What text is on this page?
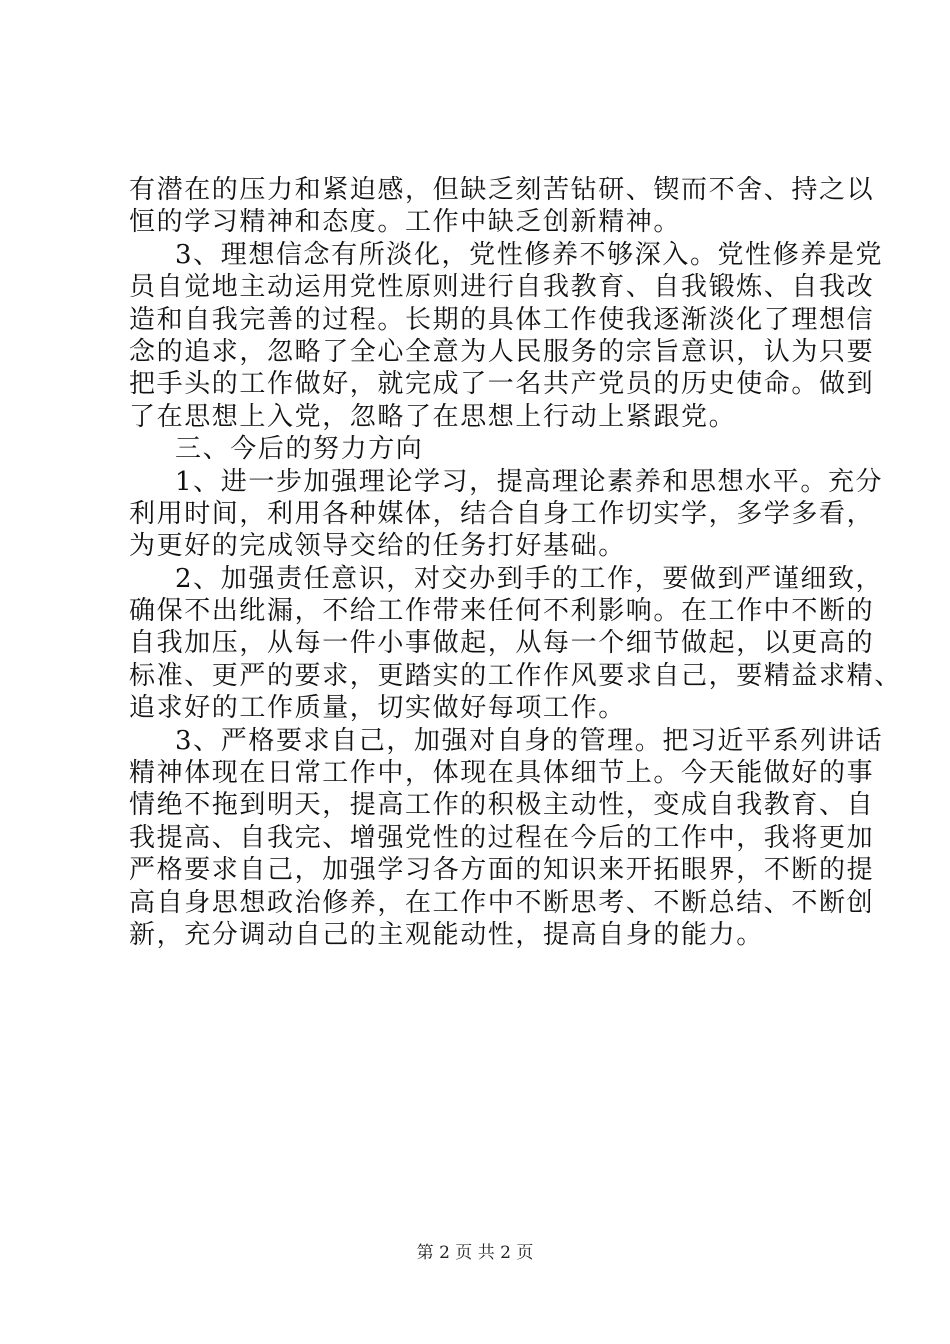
有潜在的压力和紧迫感，但缺乏刻苦钻研、锲而不舍、持之以
恒的学习精神和态度。工作中缺乏创新精神。
3、理想信念有所淡化，党性修养不够深入。党性修养是党
员自觉地主动运用党性原则进行自我教育、自我锻炼、自我改
造和自我完善的过程。长期的具体工作使我逐渐淡化了理想信
念的追求，忽略了全心全意为人民服务的宗旨意识，认为只要
把手头的工作做好，就完成了一名共产党员的历史使命。做到
了在思想上入党，忽略了在思想上行动上紧跟党。
三、今后的努力方向
1、进一步加强理论学习，提高理论素养和思想水平。充分
利用时间，利用各种媒体，结合自身工作切实学，多学多看，
为更好的完成领导交给的任务打好基础。
2、加强责任意识，对交办到手的工作，要做到严谨细致，
确保不出纰漏，不给工作带来任何不利影响。在工作中不断的
自我加压，从每一件小事做起，从每一个细节做起，以更高的
标准、更严的要求，更踏实的工作作风要求自己，要精益求精、
追求好的工作质量，切实做好每项工作。
3、严格要求自己，加强对自身的管理。把习近平系列讲话
精神体现在日常工作中，体现在具体细节上。今天能做好的事
情绝不拖到明天，提高工作的积极主动性，变成自我教育、自
我提高、自我完、增强党性的过程在今后的工作中，我将更加
严格要求自己，加强学习各方面的知识来开拓眼界，不断的提
高自身思想政治修养，在工作中不断思考、不断总结、不断创
新，充分调动自己的主观能动性，提高自身的能力。
第 2 页 共 2 页
